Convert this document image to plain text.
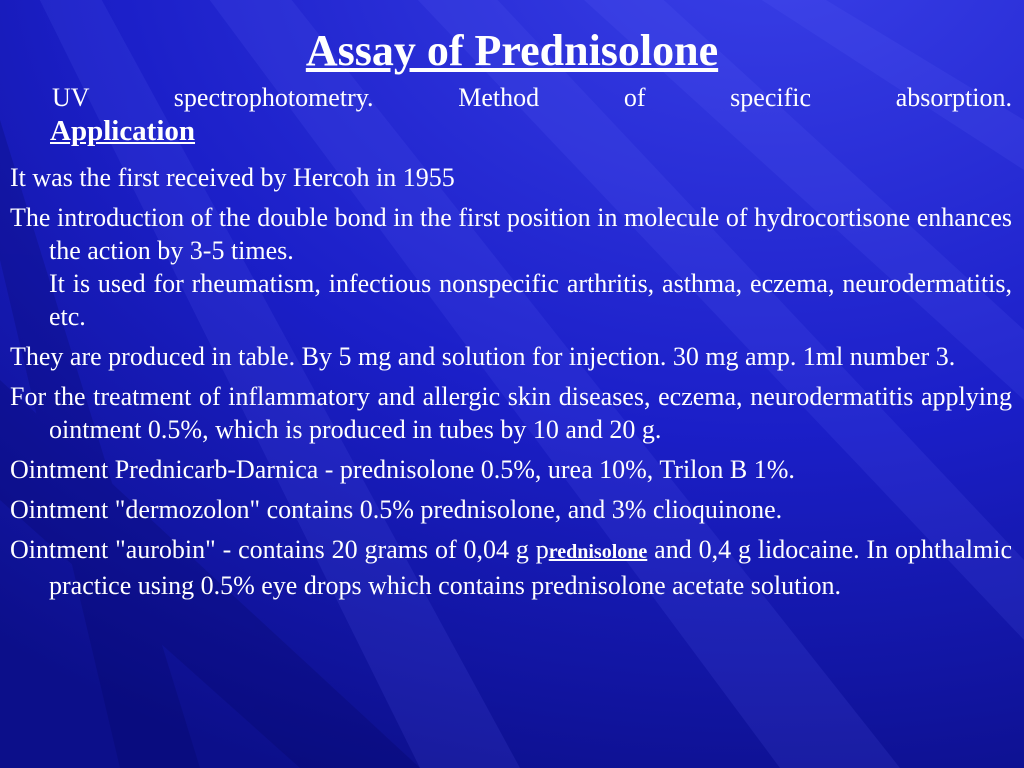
Assay of Prednisolone
UV spectrophotometry. Method of specific absorption.
Application

It was the first received by Hercoh in 1955

The introduction of the double bond in the first position in molecule of hydrocortisone enhances the action by 3-5 times.
It is used for rheumatism, infectious nonspecific arthritis, asthma, eczema, neurodermatitis, etc.

They are produced in table. By 5 mg and solution for injection. 30 mg amp. 1ml number 3.

For the treatment of inflammatory and allergic skin diseases, eczema, neurodermatitis applying ointment 0.5%, which is produced in tubes by 10 and 20 g.

Ointment Prednicarb-Darnica - prednisolone 0.5%, urea 10%, Trilon B 1%.

Ointment "dermozolon" contains 0.5% prednisolone, and 3% clioquinone.

Ointment "aurobin" - contains 20 grams of 0,04 g prednisolone and 0,4 g lidocaine. In ophthalmic practice using 0.5% eye drops which contains prednisolone acetate solution.
